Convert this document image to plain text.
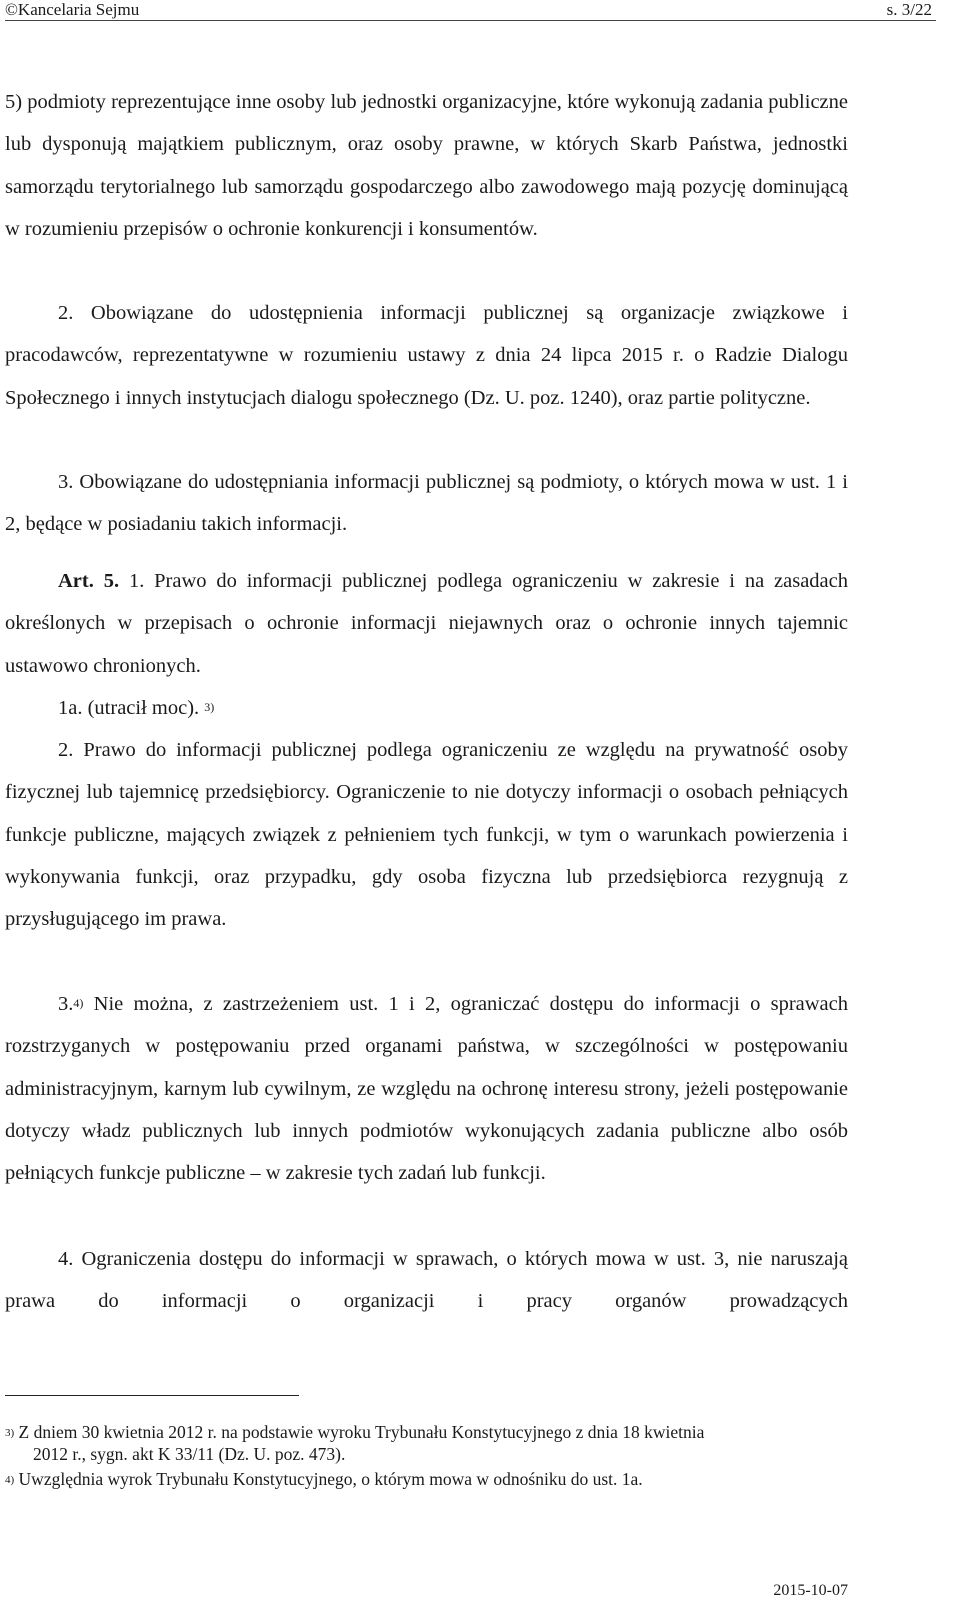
©Kancelaria Sejmu	s. 3/22
5) podmioty reprezentujące inne osoby lub jednostki organizacyjne, które wykonują zadania publiczne lub dysponują majątkiem publicznym, oraz osoby prawne, w których Skarb Państwa, jednostki samorządu terytorialnego lub samorządu gospodarczego albo zawodowego mają pozycję dominującą w rozumieniu przepisów o ochronie konkurencji i konsumentów.
2. Obowiązane do udostępnienia informacji publicznej są organizacje związkowe i pracodawców, reprezentatywne w rozumieniu ustawy z dnia 24 lipca 2015 r. o Radzie Dialogu Społecznego i innych instytucjach dialogu społecznego (Dz. U. poz. 1240), oraz partie polityczne.
3. Obowiązane do udostępniania informacji publicznej są podmioty, o których mowa w ust. 1 i 2, będące w posiadaniu takich informacji.
Art. 5. 1. Prawo do informacji publicznej podlega ograniczeniu w zakresie i na zasadach określonych w przepisach o ochronie informacji niejawnych oraz o ochronie innych tajemnic ustawowo chronionych.
1a. (utracił moc). $^{3)}$
2. Prawo do informacji publicznej podlega ograniczeniu ze względu na prywatność osoby fizycznej lub tajemnicę przedsiębiorcy. Ograniczenie to nie dotyczy informacji o osobach pełniących funkcje publiczne, mających związek z pełnieniem tych funkcji, w tym o warunkach powierzenia i wykonywania funkcji, oraz przypadku, gdy osoba fizyczna lub przedsiębiorca rezygnują z przysługującego im prawa.
3.$^{4)}$ Nie można, z zastrzeżeniem ust. 1 i 2, ograniczać dostępu do informacji o sprawach rozstrzyganych w postępowaniu przed organami państwa, w szczególności w postępowaniu administracyjnym, karnym lub cywilnym, ze względu na ochronę interesu strony, jeżeli postępowanie dotyczy władz publicznych lub innych podmiotów wykonujących zadania publiczne albo osób pełniących funkcje publiczne – w zakresie tych zadań lub funkcji.
4. Ograniczenia dostępu do informacji w sprawach, o których mowa w ust. 3, nie naruszają prawa do informacji o organizacji i pracy organów prowadzących
$^{3)}$ Z dniem 30 kwietnia 2012 r. na podstawie wyroku Trybunału Konstytucyjnego z dnia 18 kwietnia
2012 r., sygn. akt K 33/11 (Dz. U. poz. 473).
$^{4)}$ Uwzględnia wyrok Trybunału Konstytucyjnego, o którym mowa w odnośniku do ust. 1a.
2015-10-07
